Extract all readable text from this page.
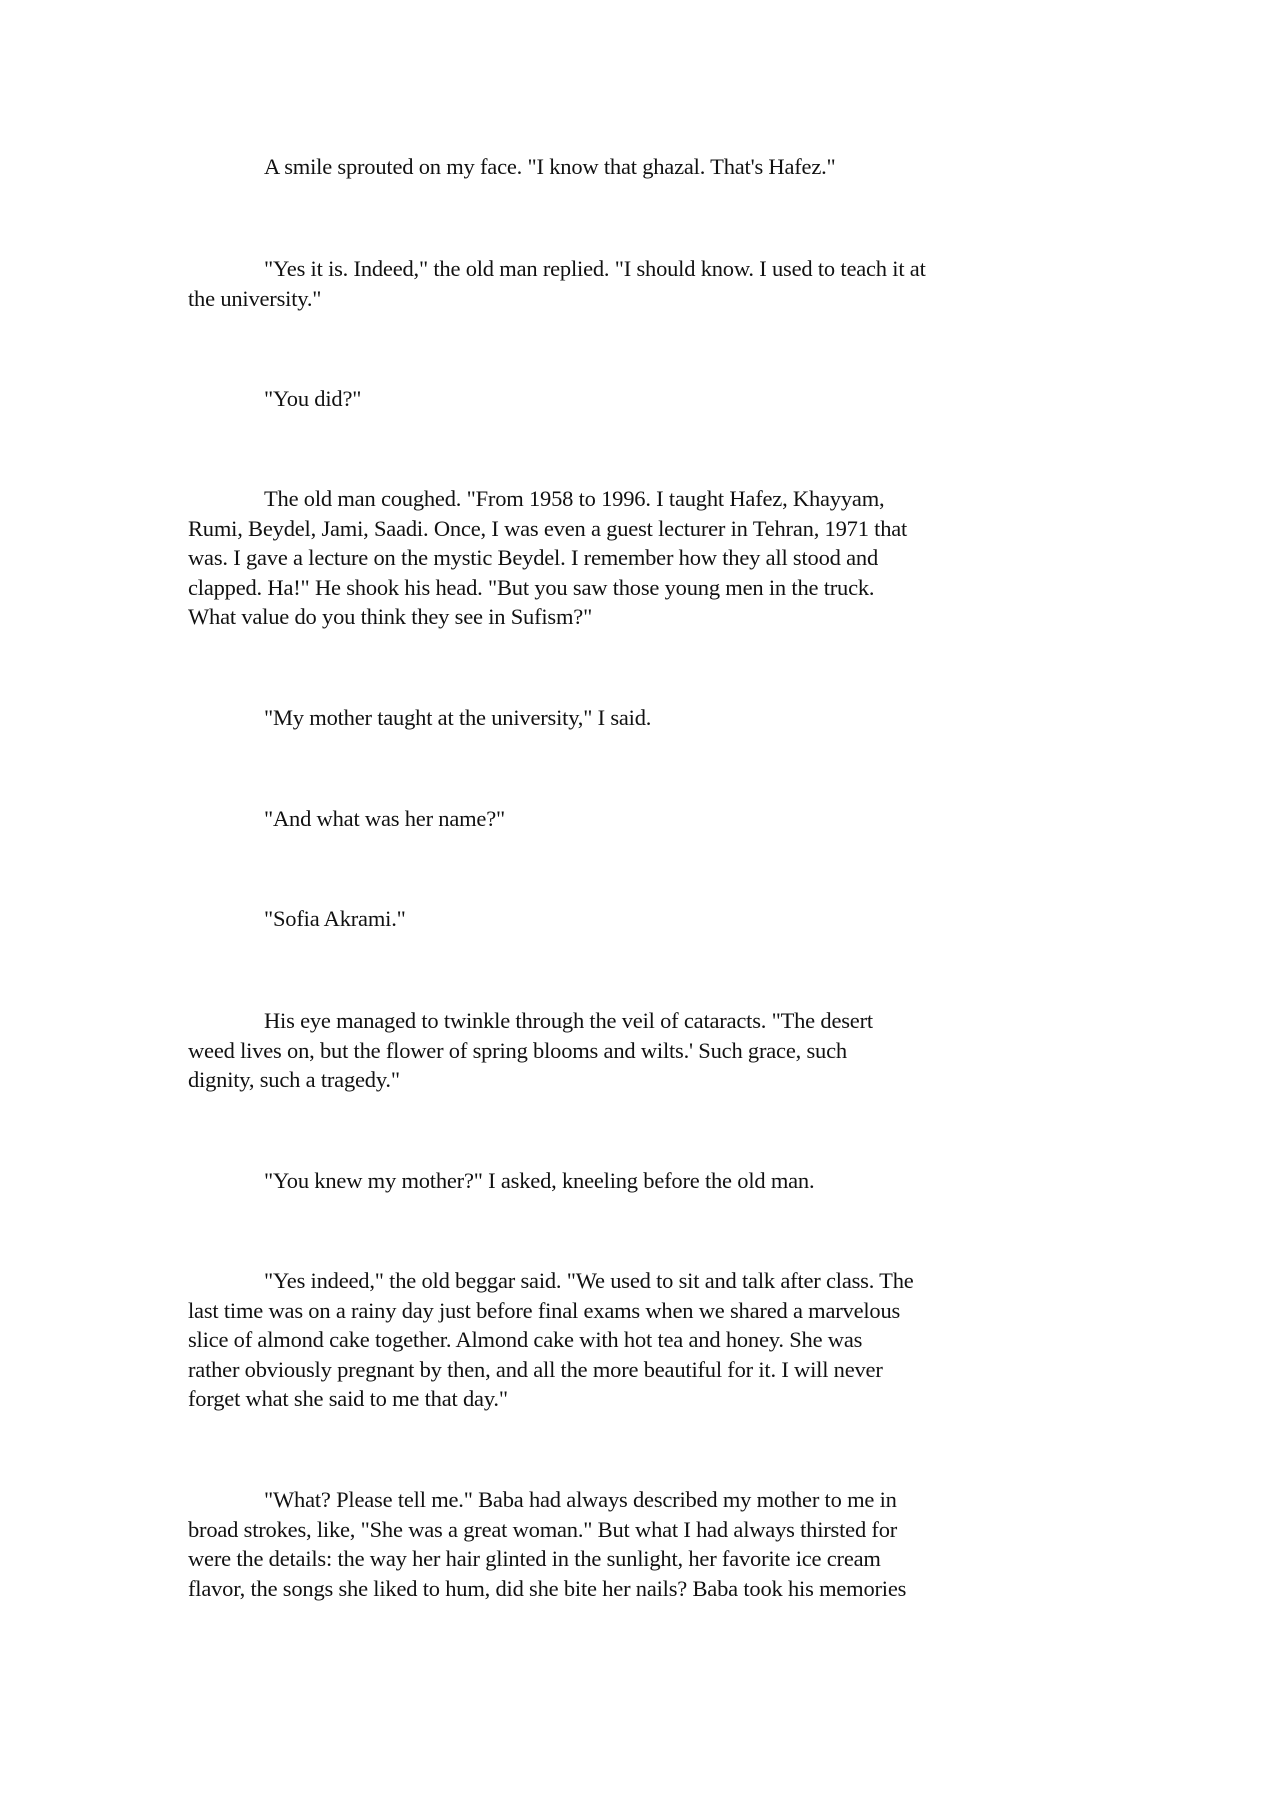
A smile sprouted on my face. "I know that ghazal. That's Hafez."
"Yes it is. Indeed," the old man replied. "I should know. I used to teach it at
the university."
"You did?"
The old man coughed. "From 1958 to 1996. I taught Hafez, Khayyam,
Rumi, Beydel, Jami, Saadi. Once, I was even a guest lecturer in Tehran, 1971 that
was. I gave a lecture on the mystic Beydel. I remember how they all stood and
clapped. Ha!" He shook his head. "But you saw those young men in the truck.
What value do you think they see in Sufism?"
"My mother taught at the university," I said.
"And what was her name?"
"Sofia Akrami."
His eye managed to twinkle through the veil of cataracts. "The desert
weed lives on, but the flower of spring blooms and wilts.' Such grace, such
dignity, such a tragedy."
"You knew my mother?" I asked, kneeling before the old man.
"Yes indeed," the old beggar said. "We used to sit and talk after class. The
last time was on a rainy day just before final exams when we shared a marvelous
slice of almond cake together. Almond cake with hot tea and honey. She was
rather obviously pregnant by then, and all the more beautiful for it. I will never
forget what she said to me that day."
"What? Please tell me." Baba had always described my mother to me in
broad strokes, like, "She was a great woman." But what I had always thirsted for
were the details: the way her hair glinted in the sunlight, her favorite ice cream
flavor, the songs she liked to hum, did she bite her nails? Baba took his memories
